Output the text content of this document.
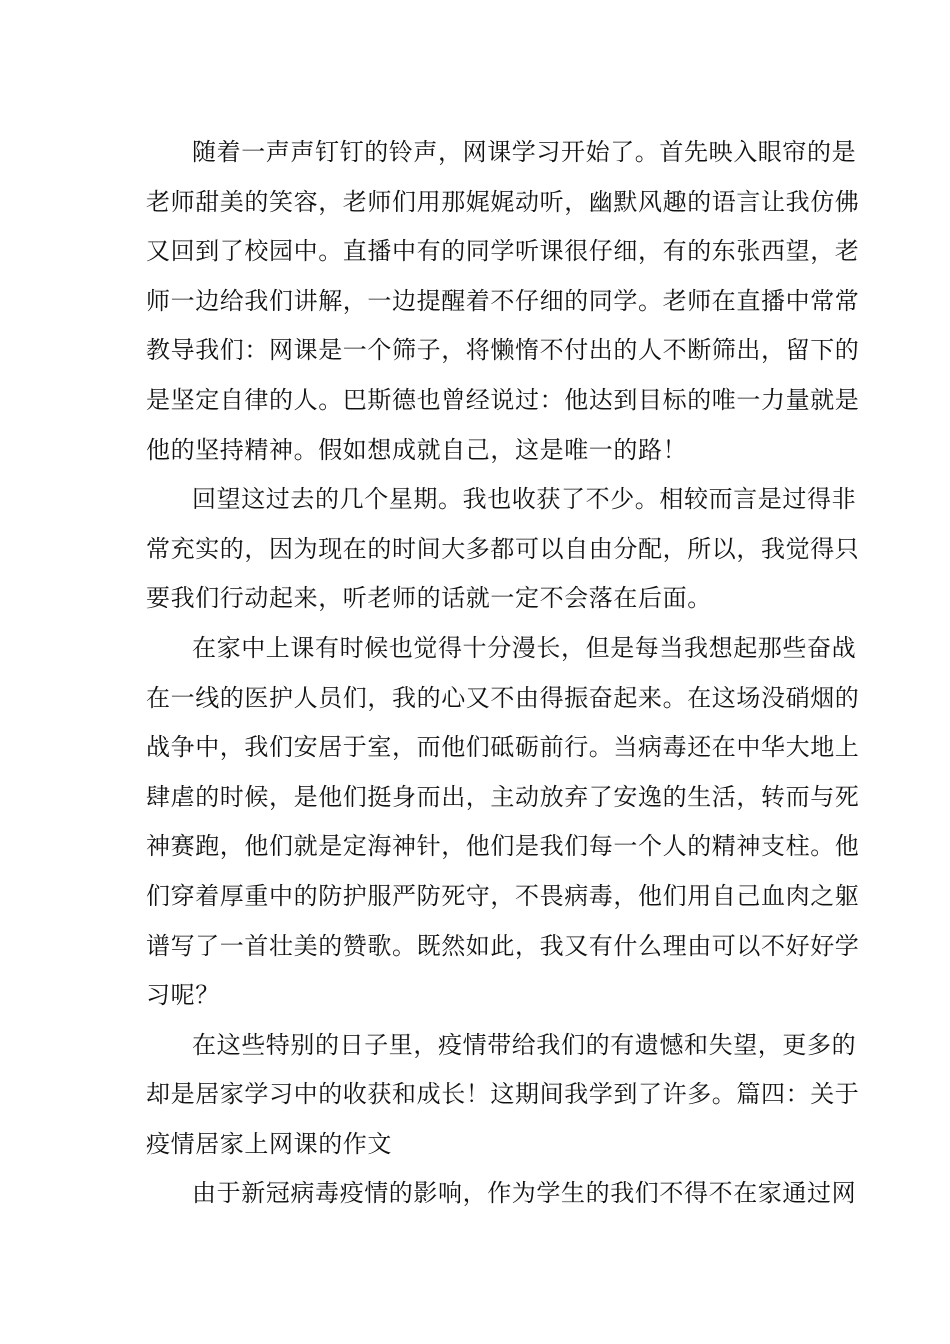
随着一声声钉钉的铃声，网课学习开始了。首先映入眼帘的是
老师甜美的笑容，老师们用那娓娓动听，幽默风趣的语言让我仿佛
又回到了校园中。直播中有的同学听课很仔细，有的东张西望，老
师一边给我们讲解，一边提醒着不仔细的同学。老师在直播中常常
教导我们：网课是一个筛子，将懒惰不付出的人不断筛出，留下的
是坚定自律的人。巴斯德也曾经说过：他达到目标的唯一力量就是
他的坚持精神。假如想成就自己，这是唯一的路！
回望这过去的几个星期。我也收获了不少。相较而言是过得非
常充实的，因为现在的时间大多都可以自由分配，所以，我觉得只
要我们行动起来，听老师的话就一定不会落在后面。
在家中上课有时候也觉得十分漫长，但是每当我想起那些奋战
在一线的医护人员们，我的心又不由得振奋起来。在这场没硝烟的
战争中，我们安居于室，而他们砥砺前行。当病毒还在中华大地上
肆虐的时候，是他们挺身而出，主动放弃了安逸的生活，转而与死
神赛跑，他们就是定海神针，他们是我们每一个人的精神支柱。他
们穿着厚重中的防护服严防死守，不畏病毒，他们用自己血肉之躯
谱写了一首壮美的赞歌。既然如此，我又有什么理由可以不好好学
习呢？
在这些特别的日子里，疫情带给我们的有遗憾和失望，更多的
却是居家学习中的收获和成长！这期间我学到了许多。篇四：关于
疫情居家上网课的作文
由于新冠病毒疫情的影响，作为学生的我们不得不在家通过网
